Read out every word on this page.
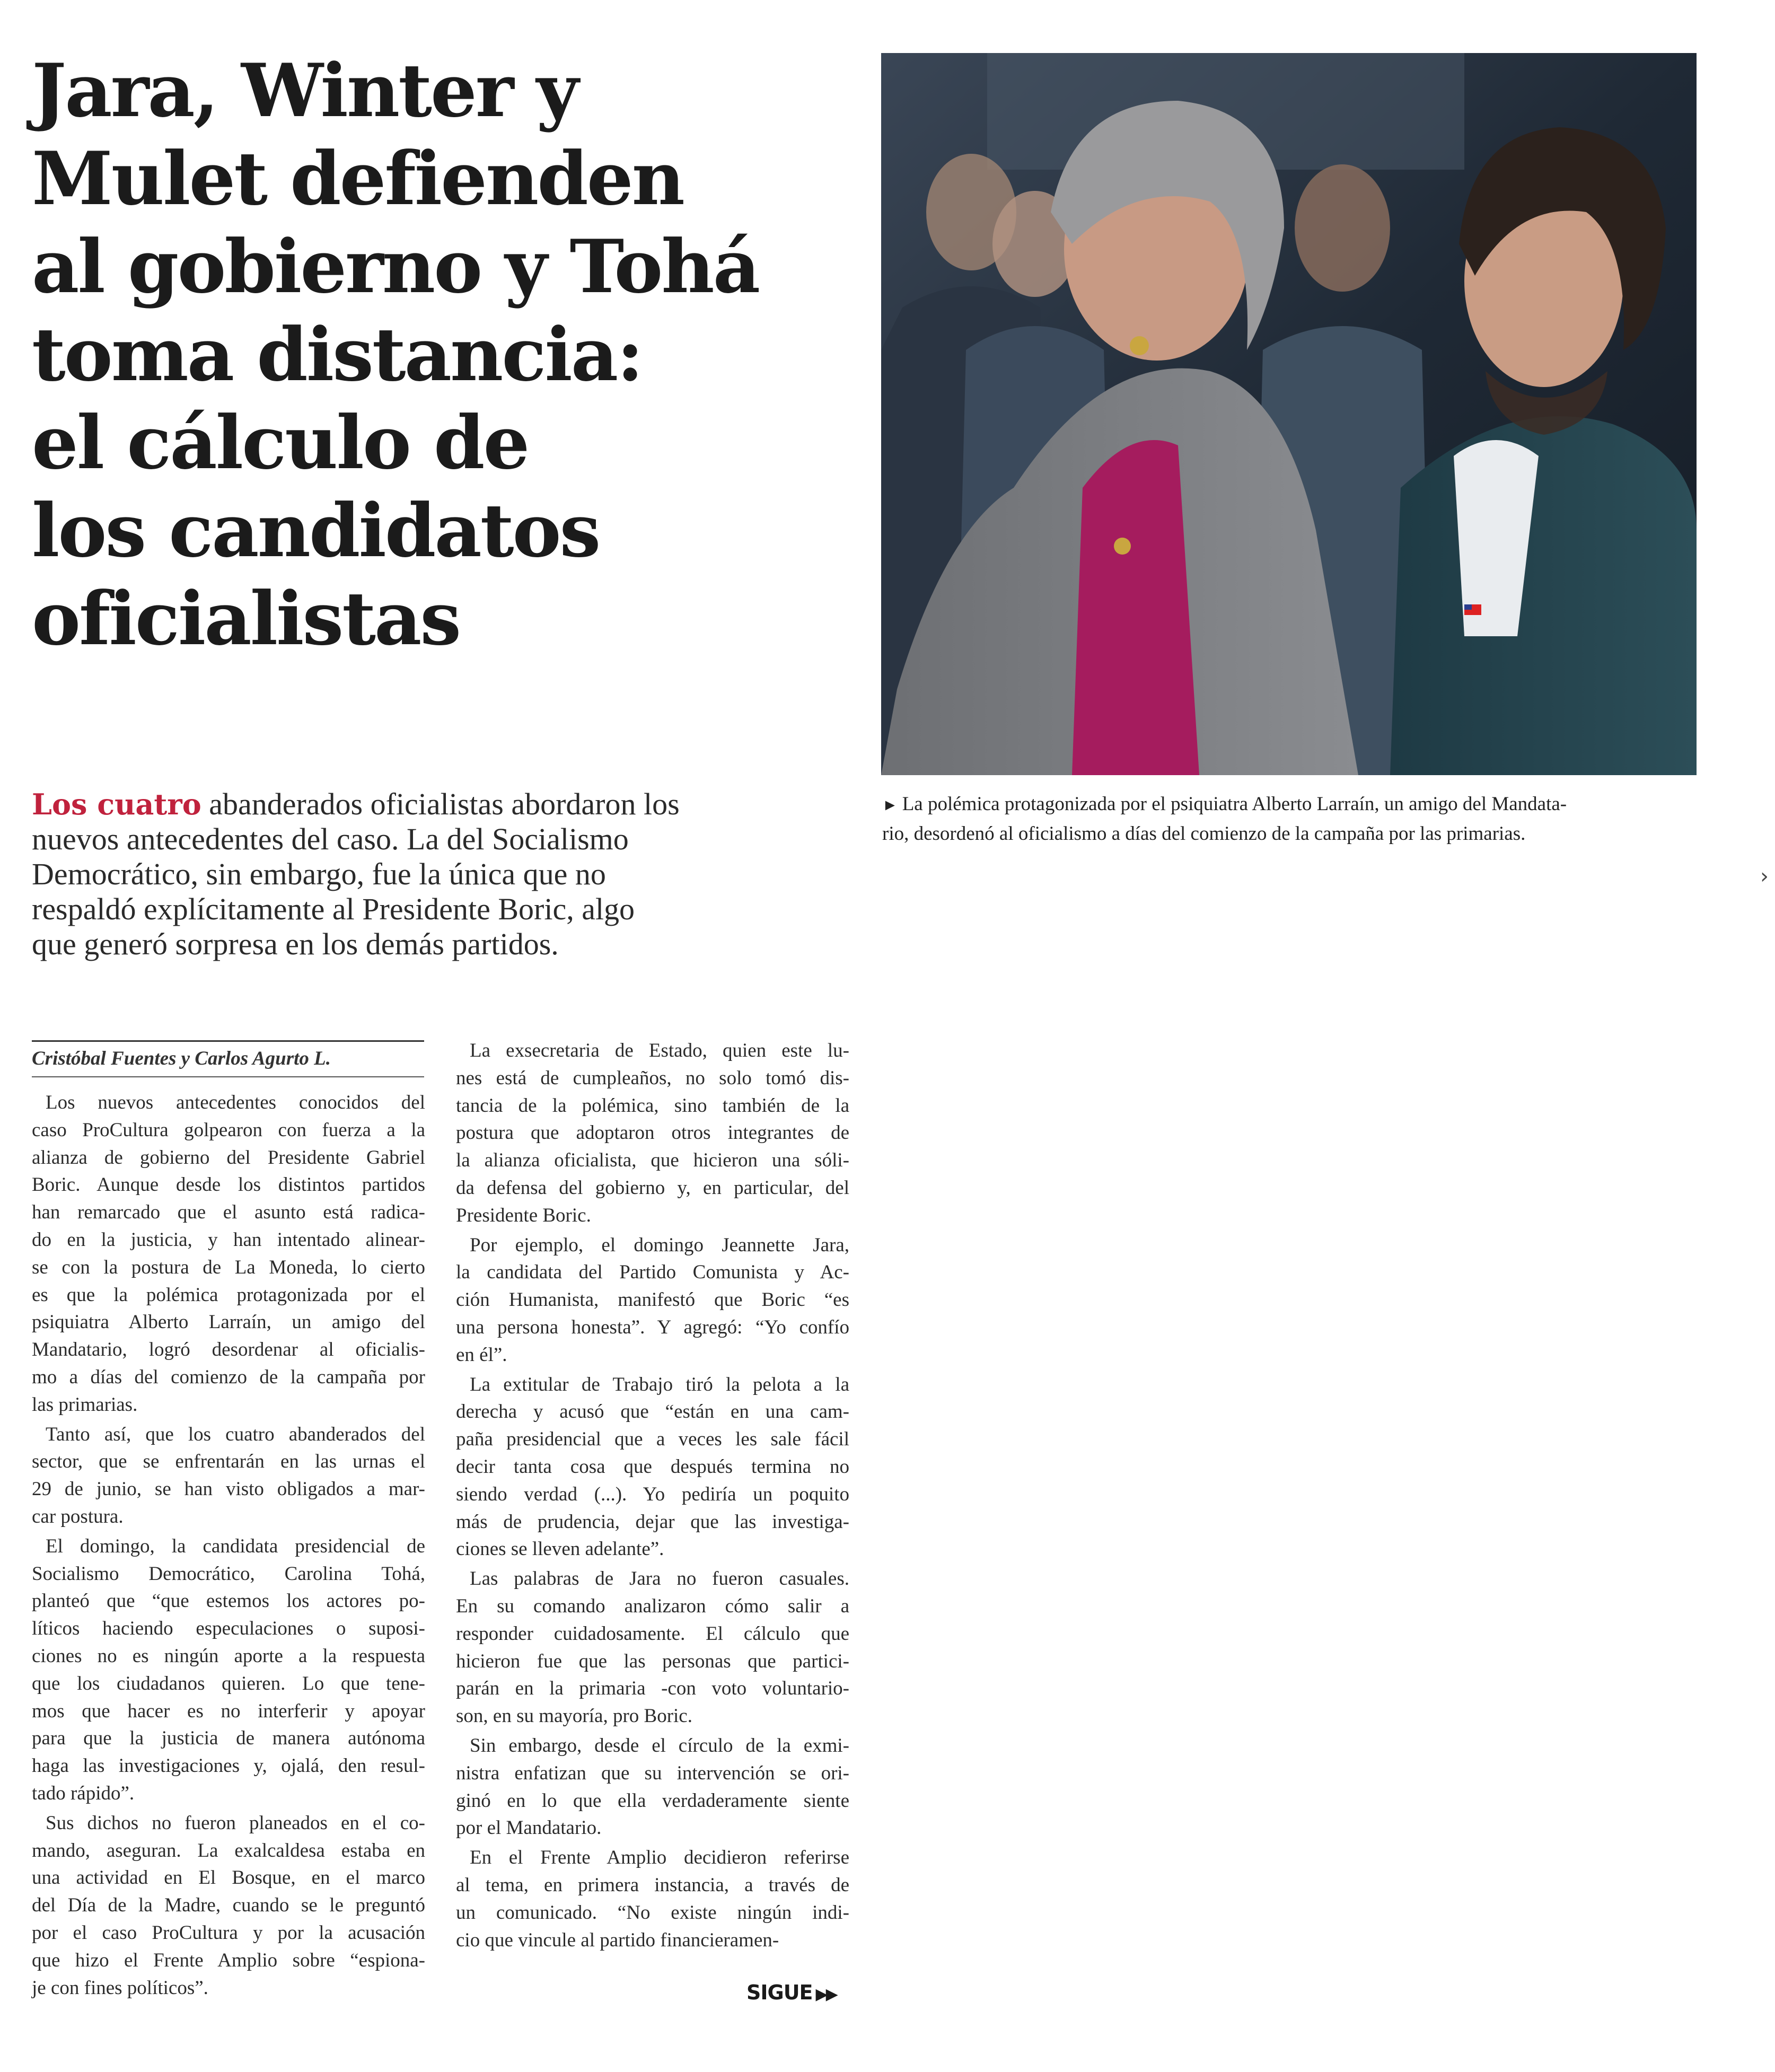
Jara, Winter y
Mulet defienden
al gobierno y Tohá
toma distancia:
el cálculo de
los candidatos
oficialistas
► La polémica protagonizada por el psiquiatra Alberto Larraín, un amigo del Mandata-
rio, desordenó al oficialismo a días del comienzo de la campaña por las primarias.
Los cuatro abanderados oficialistas abordaron los
nuevos antecedentes del caso. La del Socialismo
Democrático, sin embargo, fue la única que no
respaldó explícitamente al Presidente Boric, algo
que generó sorpresa en los demás partidos.
Cristóbal Fuentes y Carlos Agurto L.

Los nuevos antecedentes conocidos del
caso ProCultura golpearon con fuerza a la
alianza de gobierno del Presidente Gabriel
Boric. Aunque desde los distintos partidos
han remarcado que el asunto está radica-
do en la justicia, y han intentado alinear-
se con la postura de La Moneda, lo cierto
es que la polémica protagonizada por el
psiquiatra Alberto Larraín, un amigo del
Mandatario, logró desordenar al oficialis-
mo a días del comienzo de la campaña por
las primarias.

Tanto así, que los cuatro abanderados del
sector, que se enfrentarán en las urnas el
29 de junio, se han visto obligados a mar-
car postura.

El domingo, la candidata presidencial de
Socialismo Democrático, Carolina Tohá,
planteó que “que estemos los actores po-
líticos haciendo especulaciones o suposi-
ciones no es ningún aporte a la respuesta
que los ciudadanos quieren. Lo que tene-
mos que hacer es no interferir y apoyar
para que la justicia de manera autónoma
haga las investigaciones y, ojalá, den resul-
tado rápido”.

Sus dichos no fueron planeados en el co-
mando, aseguran. La exalcaldesa estaba en
una actividad en El Bosque, en el marco
del Día de la Madre, cuando se le preguntó
por el caso ProCultura y por la acusación
que hizo el Frente Amplio sobre “espiona-
je con fines políticos”.

La exsecretaria de Estado, quien este lu-
nes está de cumpleaños, no solo tomó dis-
tancia de la polémica, sino también de la
postura que adoptaron otros integrantes de
la alianza oficialista, que hicieron una sóli-
da defensa del gobierno y, en particular, del
Presidente Boric.

Por ejemplo, el domingo Jeannette Jara,
la candidata del Partido Comunista y Ac-
ción Humanista, manifestó que Boric “es
una persona honesta”. Y agregó: “Yo confío
en él”.

La extitular de Trabajo tiró la pelota a la
derecha y acusó que “están en una cam-
paña presidencial que a veces les sale fácil
decir tanta cosa que después termina no
siendo verdad (...). Yo pediría un poquito
más de prudencia, dejar que las investiga-
ciones se lleven adelante”.

Las palabras de Jara no fueron casuales.
En su comando analizaron cómo salir a
responder cuidadosamente. El cálculo que
hicieron fue que las personas que partici-
parán en la primaria -con voto voluntario-
son, en su mayoría, pro Boric.

Sin embargo, desde el círculo de la exmi-
nistra enfatizan que su intervención se ori-
ginó en lo que ella verdaderamente siente
por el Mandatario.

En el Frente Amplio decidieron referirse
al tema, en primera instancia, a través de
un comunicado. “No existe ningún indi-
cio que vincule al partido financieramen-

SIGUE ▶▶
›
